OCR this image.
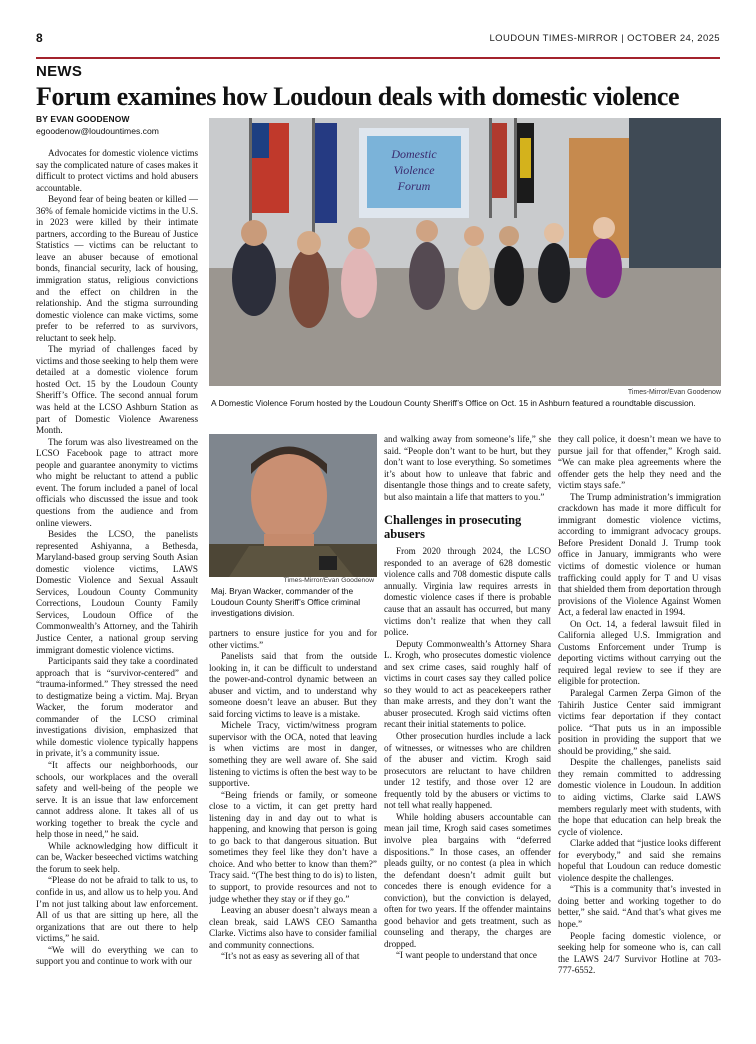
8	LOUDOUN TIMES-MIRROR | OCTOBER 24, 2025
NEWS
Forum examines how Loudoun deals with domestic violence
BY EVAN GOODENOW
egoodenow@loudountimes.com
Domestic
Violence
Forum
Times-Mirror/Evan Goodenow
A Domestic Violence Forum hosted by the Loudoun County Sheriff’s Office on Oct. 15 in Ashburn featured a roundtable discussion.
Times-Mirror/Evan Goodenow
Maj. Bryan Wacker, commander of the Loudoun County Sheriff’s Office criminal investigations division.

Advocates for domestic violence victims say the complicated nature of cases makes it difficult to protect victims and hold abusers accountable.

Beyond fear of being beaten or killed — 36% of female homicide victims in the U.S. in 2023 were killed by their intimate partners, according to the Bureau of Justice Statistics — victims can be reluctant to leave an abuser because of emotional bonds, financial security, lack of housing, immigration status, religious convictions and the effect on children in the relationship. And the stigma surrounding domestic violence can make victims, some prefer to be referred to as survivors, reluctant to seek help.

The myriad of challenges faced by victims and those seeking to help them were detailed at a domestic violence forum hosted Oct. 15 by the Loudoun County Sheriff’s Office. The second annual forum was held at the LCSO Ashburn Station as part of Domestic Violence Awareness Month.

The forum was also livestreamed on the LCSO Facebook page to attract more people and guarantee anonymity to victims who might be reluctant to attend a public event. The forum included a panel of local officials who discussed the issue and took questions from the audience and from online viewers.

Besides the LCSO, the panelists represented Ashiyanna, a Bethesda, Maryland-based group serving South Asian domestic violence victims, LAWS Domestic Violence and Sexual Assault Services, Loudoun County Community Corrections, Loudoun County Family Services, Loudoun Office of the Commonwealth’s Attorney, and the Tahirih Justice Center, a national group serving immigrant domestic violence victims.

Participants said they take a coordinated approach that is “survivor-centered” and “trauma-informed.” They stressed the need to destigmatize being a victim. Maj. Bryan Wacker, the forum moderator and commander of the LCSO criminal investigations division, emphasized that while domestic violence typically happens in private, it’s a community issue.

“It affects our neighborhoods, our schools, our workplaces and the overall safety and well-being of the people we serve. It is an issue that law enforcement cannot address alone. It takes all of us working together to break the cycle and help those in need,” he said.

While acknowledging how difficult it can be, Wacker beseeched victims watching the forum to seek help.

“Please do not be afraid to talk to us, to confide in us, and allow us to help you. And I’m not just talking about law enforcement. All of us that are sitting up here, all the organizations that are out there to help victims,” he said.

“We will do everything we can to support you and continue to work with our

partners to ensure justice for you and for other victims.”

Panelists said that from the outside looking in, it can be difficult to understand the power-and-control dynamic between an abuser and victim, and to understand why someone doesn’t leave an abuser. But they said forcing victims to leave is a mistake.

Michele Tracy, victim/witness program supervisor with the OCA, noted that leaving is when victims are most in danger, something they are well aware of. She said listening to victims is often the best way to be supportive.

“Being friends or family, or someone close to a victim, it can get pretty hard listening day in and day out to what is happening, and knowing that person is going to go back to that dangerous situation. But sometimes they feel like they don’t have a choice. And who better to know than them?” Tracy said. “(The best thing to do is) to listen, to support, to provide resources and not to judge whether they stay or if they go.”

Leaving an abuser doesn’t always mean a clean break, said LAWS CEO Samantha Clarke. Victims also have to consider familial and community connections.

“It’s not as easy as severing all of that

and walking away from someone’s life,” she said. “People don’t want to be hurt, but they don’t want to lose everything. So sometimes it’s about how to unleave that fabric and disentangle those things and to create safety, but also maintain a life that matters to you.”

Challenges in prosecuting abusers

From 2020 through 2024, the LCSO responded to an average of 628 domestic violence calls and 708 domestic dispute calls annually. Virginia law requires arrests in domestic violence cases if there is probable cause that an assault has occurred, but many victims don’t realize that when they call police.

Deputy Commonwealth’s Attorney Shara L. Krogh, who prosecutes domestic violence and sex crime cases, said roughly half of victims in court cases say they called police so they would to act as peacekeepers rather than make arrests, and they don’t want the abuser prosecuted. Krogh said victims often recant their initial statements to police.

Other prosecution hurdles include a lack of witnesses, or witnesses who are children of the abuser and victim. Krogh said prosecutors are reluctant to have children under 12 testify, and those over 12 are frequently told by the abusers or victims to not tell what really happened.

While holding abusers accountable can mean jail time, Krogh said cases sometimes involve plea bargains with “deferred dispositions.” In those cases, an offender pleads guilty, or no contest (a plea in which the defendant doesn’t admit guilt but concedes there is enough evidence for a conviction), but the conviction is delayed, often for two years. If the offender maintains good behavior and gets treatment, such as counseling and therapy, the charges are dropped.

“I want people to understand that once

they call police, it doesn’t mean we have to pursue jail for that offender,” Krogh said. “We can make plea agreements where the offender gets the help they need and the victim stays safe.”

The Trump administration’s immigration crackdown has made it more difficult for immigrant domestic violence victims, according to immigrant advocacy groups. Before President Donald J. Trump took office in January, immigrants who were victims of domestic violence or human trafficking could apply for T and U visas that shielded them from deportation through provisions of the Violence Against Women Act, a federal law enacted in 1994.

On Oct. 14, a federal lawsuit filed in California alleged U.S. Immigration and Customs Enforcement under Trump is deporting victims without carrying out the required legal review to see if they are eligible for protection.

Paralegal Carmen Zerpa Gimon of the Tahirih Justice Center said immigrant victims fear deportation if they contact police. “That puts us in an impossible position in providing the support that we should be providing,” she said.

Despite the challenges, panelists said they remain committed to addressing domestic violence in Loudoun. In addition to aiding victims, Clarke said LAWS members regularly meet with students, with the hope that education can help break the cycle of violence.

Clarke added that “justice looks different for everybody,” and said she remains hopeful that Loudoun can reduce domestic violence despite the challenges.

“This is a community that’s invested in doing better and working together to do better,” she said. “And that’s what gives me hope.”

People facing domestic violence, or seeking help for someone who is, can call the LAWS 24/7 Survivor Hotline at 703-777-6552.
